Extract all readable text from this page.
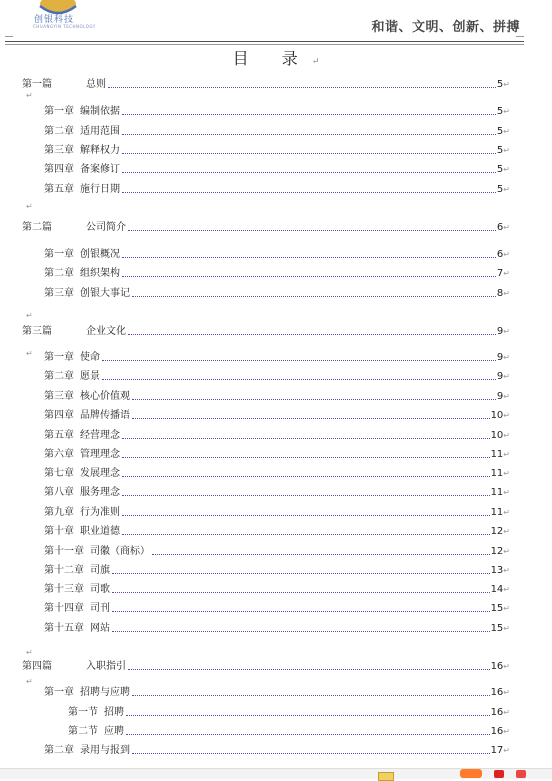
创银科技
CHUANGYIN TECHNOLOGY	和谐、文明、创新、拼搏
目 录↵
第一篇	总则	5↵
第一章 编制依据	5↵
第二章 适用范围	5↵
第三章 解释权力	5↵
第四章 备案修订	5↵
第五章 施行日期	5↵
第二篇	公司简介	6↵
第一章 创银概况	6↵
第二章 组织架构	7↵
第三章 创银大事记	8↵
第三篇	企业文化	9↵
第一章 使命	9↵
第二章 愿景	9↵
第三章 核心价值观	9↵
第四章 品牌传播语	10↵
第五章 经营理念	10↵
第六章 管理理念	11↵
第七章 发展理念	11↵
第八章 服务理念	11↵
第九章 行为准则	11↵
第十章 职业道德	12↵
第十一章 司徽（商标）	12↵
第十二章 司旗	13↵
第十三章 司歌	14↵
第十四章 司刊	15↵
第十五章 网站	15↵
第四篇	入职指引	16↵
第一章 招聘与应聘	16↵
第一节 招聘	16↵
第二节 应聘	16↵
第二章 录用与报到	17↵
↵
↵
↵
↵
↵
↵
